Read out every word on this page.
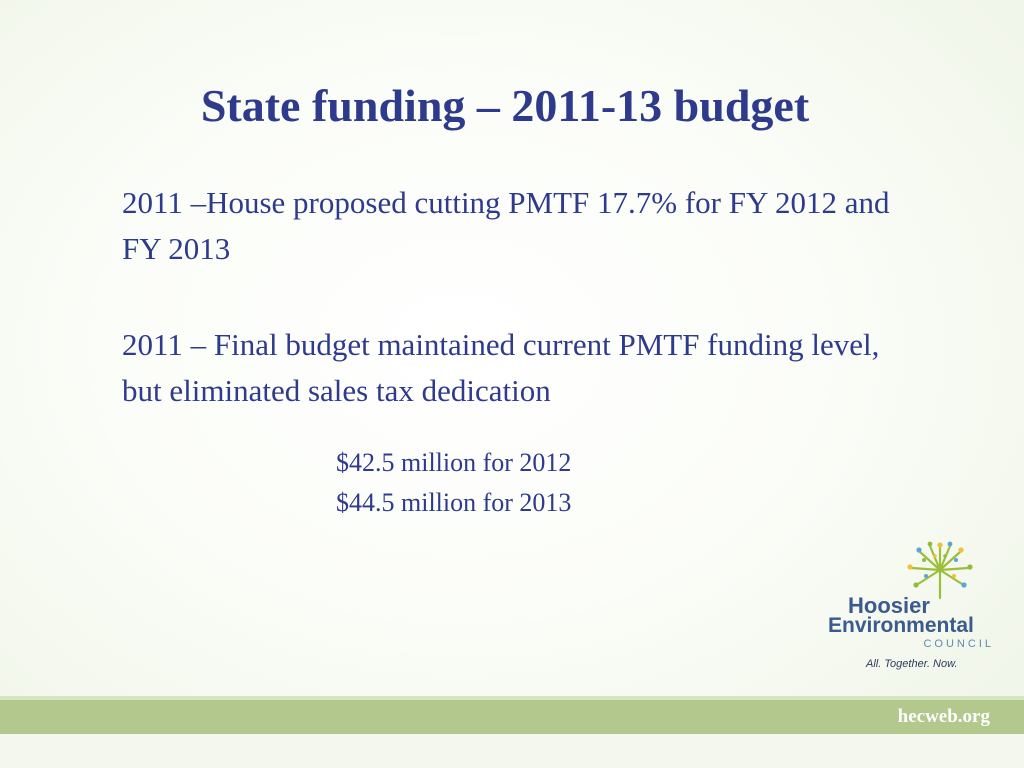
State funding – 2011-13 budget
2011 –House proposed cutting PMTF 17.7% for FY 2012 and FY 2013
2011 – Final budget maintained current PMTF funding level, but eliminated sales tax dedication
$42.5 million for 2012
$44.5 million for 2013
Hoosier
Environmental
COUNCIL
All. Together. Now.
hecweb.org
